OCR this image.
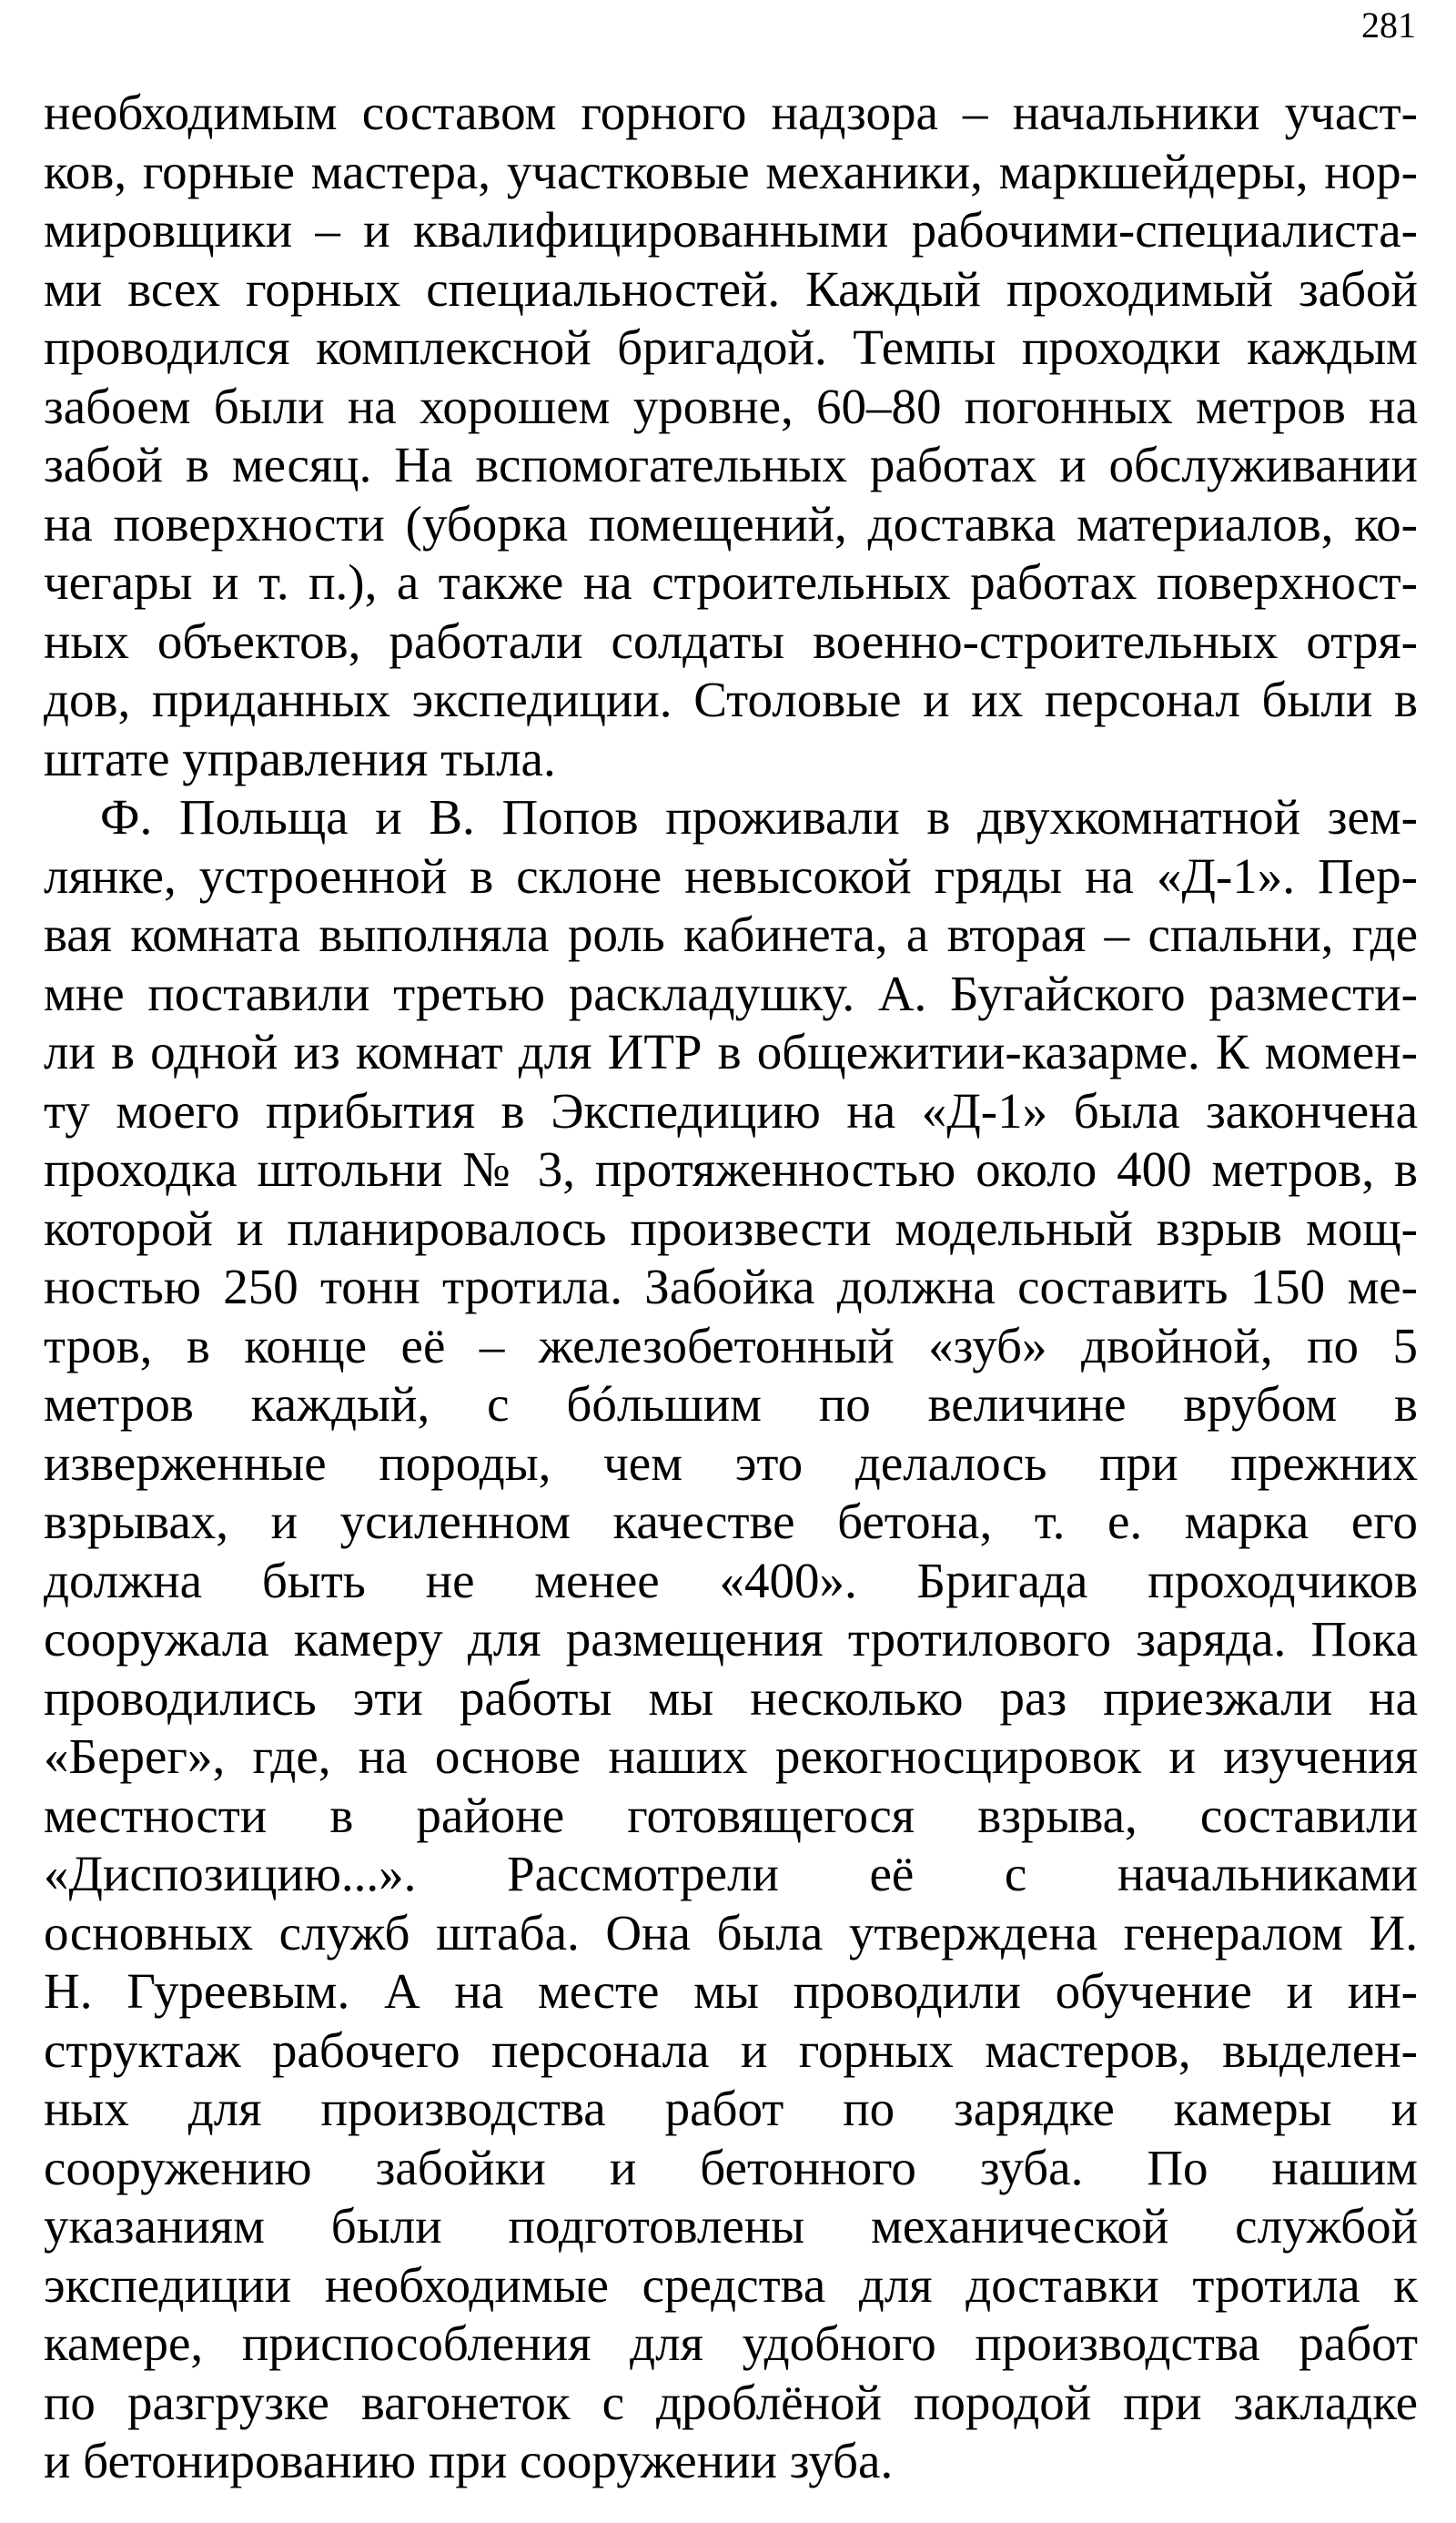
281
необходимым составом горного надзора – начальники участ-
ков, горные мастера, участковые механики, маркшейдеры, нор-
мировщики – и квалифицированными рабочими-специалиста-
ми всех горных специальностей. Каждый проходимый забой
проводился комплексной бригадой. Темпы проходки каждым
забоем были на хорошем уровне, 60–80 погонных метров на
забой в месяц. На вспомогательных работах и обслуживании
на поверхности (уборка помещений, доставка материалов, ко-
чегары и т. п.), а также на строительных работах поверхност-
ных объектов, работали солдаты военно-строительных отря-
дов, приданных экспедиции. Столовые и их персонал были в
штате управления тыла.
Ф. Польща и В. Попов проживали в двухкомнатной зем-
лянке, устроенной в склоне невысокой гряды на «Д-1». Пер-
вая комната выполняла роль кабинета, а вторая – спальни, где
мне поставили третью раскладушку. А. Бугайского размести-
ли в одной из комнат для ИТР в общежитии-казарме. К момен-
ту моего прибытия в Экспедицию на «Д-1» была закончена
проходка штольни № 3, протяженностью около 400 метров, в
которой и планировалось произвести модельный взрыв мощ-
ностью 250 тонн тротила. Забойка должна составить 150 ме-
тров, в конце её – железобетонный «зуб» двойной, по 5
метров каждый, с бóльшим по величине врубом в
изверженные породы, чем это делалось при прежних
взрывах, и усиленном качестве бетона, т. е. марка его
должна быть не менее «400». Бригада проходчиков
сооружала камеру для размещения тротилового заряда. Пока
проводились эти работы мы несколько раз приезжали на
«Берег», где, на основе наших рекогносцировок и изучения
местности в районе готовящегося взрыва, составили
«Диспозицию...». Рассмотрели её с начальниками
основных служб штаба. Она была утверждена генералом И.
Н. Гуреевым. А на месте мы проводили обучение и ин-
структаж рабочего персонала и горных мастеров, выделен-
ных для производства работ по зарядке камеры и
сооружению забойки и бетонного зуба. По нашим
указаниям были подготовлены механической службой
экспедиции необходимые средства для доставки тротила к
камере, приспособления для удобного производства работ
по разгрузке вагонеток с дроблёной породой при закладке
и бетонированию при сооружении зуба.
